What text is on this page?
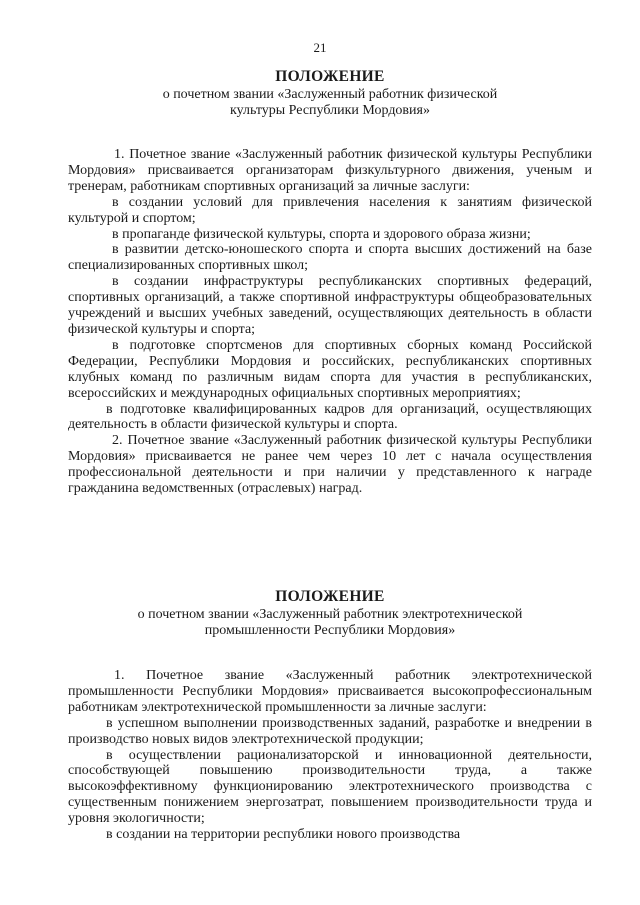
21
ПОЛОЖЕНИЕ
о почетном звании «Заслуженный работник физической
культуры Республики Мордовия»

1. Почетное звание «Заслуженный работник физической культуры Республики Мордовия» присваивается организаторам физкультурного движения, ученым и тренерам, работникам спортивных организаций за личные заслуги:

в создании условий для привлечения населения к занятиям физической культурой и спортом;

в пропаганде физической культуры, спорта и здорового образа жизни;

в развитии детско-юношеского спорта и спорта высших достижений на базе специализированных спортивных школ;

в создании инфраструктуры республиканских спортивных федераций, спортивных организаций, а также спортивной инфраструктуры общеобразовательных учреждений и высших учебных заведений, осуществляющих деятельность в области физической культуры и спорта;

в подготовке спортсменов для спортивных сборных команд Российской Федерации, Республики Мордовия и российских, республиканских спортивных клубных команд по различным видам спорта для участия в республиканских, всероссийских и международных официальных спортивных мероприятиях;

в подготовке квалифицированных кадров для организаций, осуществляющих деятельность в области физической культуры и спорта.

2. Почетное звание «Заслуженный работник физической культуры Республики Мордовия» присваивается не ранее чем через 10 лет с начала осуществления профессиональной деятельности и при наличии у представленного к награде гражданина ведомственных (отраслевых) наград.

ПОЛОЖЕНИЕ
о почетном звании «Заслуженный работник электротехнической
промышленности Республики Мордовия»

1. Почетное звание «Заслуженный работник электротехнической промышленности Республики Мордовия» присваивается высокопрофессиональным работникам электротехнической промышленности за личные заслуги:

в успешном выполнении производственных заданий, разработке и внедрении в производство новых видов электротехнической продукции;

в осуществлении рационализаторской и инновационной деятельности, способствующей повышению производительности труда, а также высокоэффективному функционированию электротехнического производства с существенным понижением энергозатрат, повышением производительности труда и уровня экологичности;

в создании на территории республики нового производства
